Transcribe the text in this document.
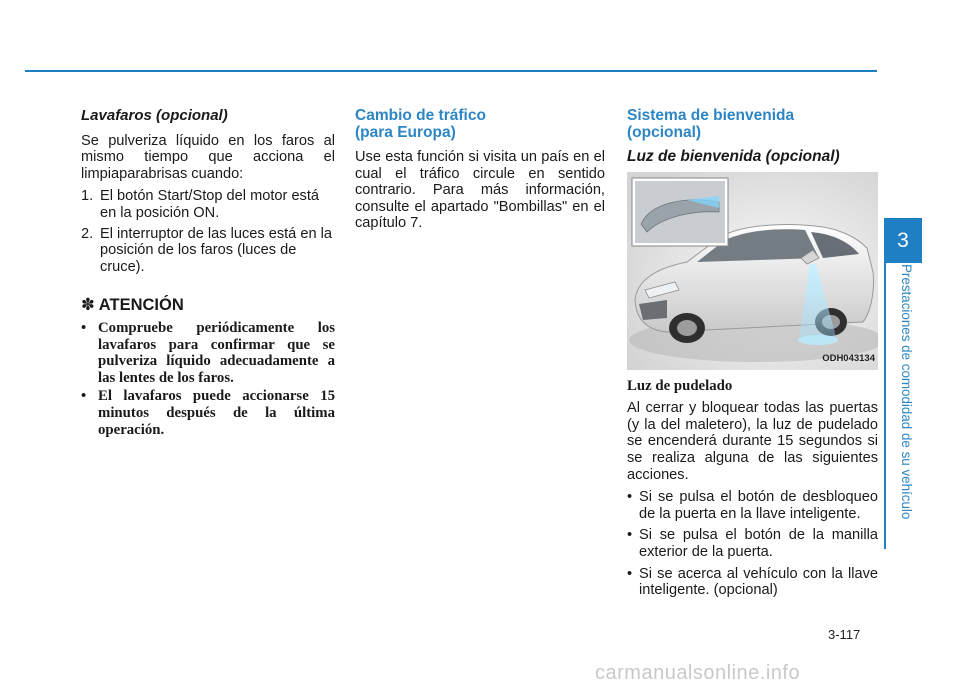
Lavafaros (opcional)

Se pulveriza líquido en los faros al mismo tiempo que acciona el limpiaparabrisas cuando:

1. El botón Start/Stop del motor está en la posición ON.
2. El interruptor de las luces está en la posición de los faros (luces de cruce).
✽ ATENCIÓN
• Compruebe periódicamente los lavafaros para confirmar que se pulveriza líquido adecuadamente a las lentes de los faros.
• El lavafaros puede accionarse 15 minutos después de la última operación.
Cambio de tráfico
(para Europa)

Use esta función si visita un país en el cual el tráfico circule en sentido contrario. Para más información, consulte el apartado "Bombillas" en el capítulo 7.

Sistema de bienvenida
(opcional)
Luz de bienvenida (opcional)
ODH043134
Luz de pudelado

Al cerrar y bloquear todas las puertas (y la del maletero), la luz de pudelado se encenderá durante 15 segundos si se realiza alguna de las siguientes acciones.

• Si se pulsa el botón de desbloqueo de la puerta en la llave inteligente.
• Si se pulsa el botón de la manilla exterior de la puerta.
• Si se acerca al vehículo con la llave inteligente. (opcional)
3
Prestaciones de comodidad de su vehículo
3-117
carmanualsonline.info
